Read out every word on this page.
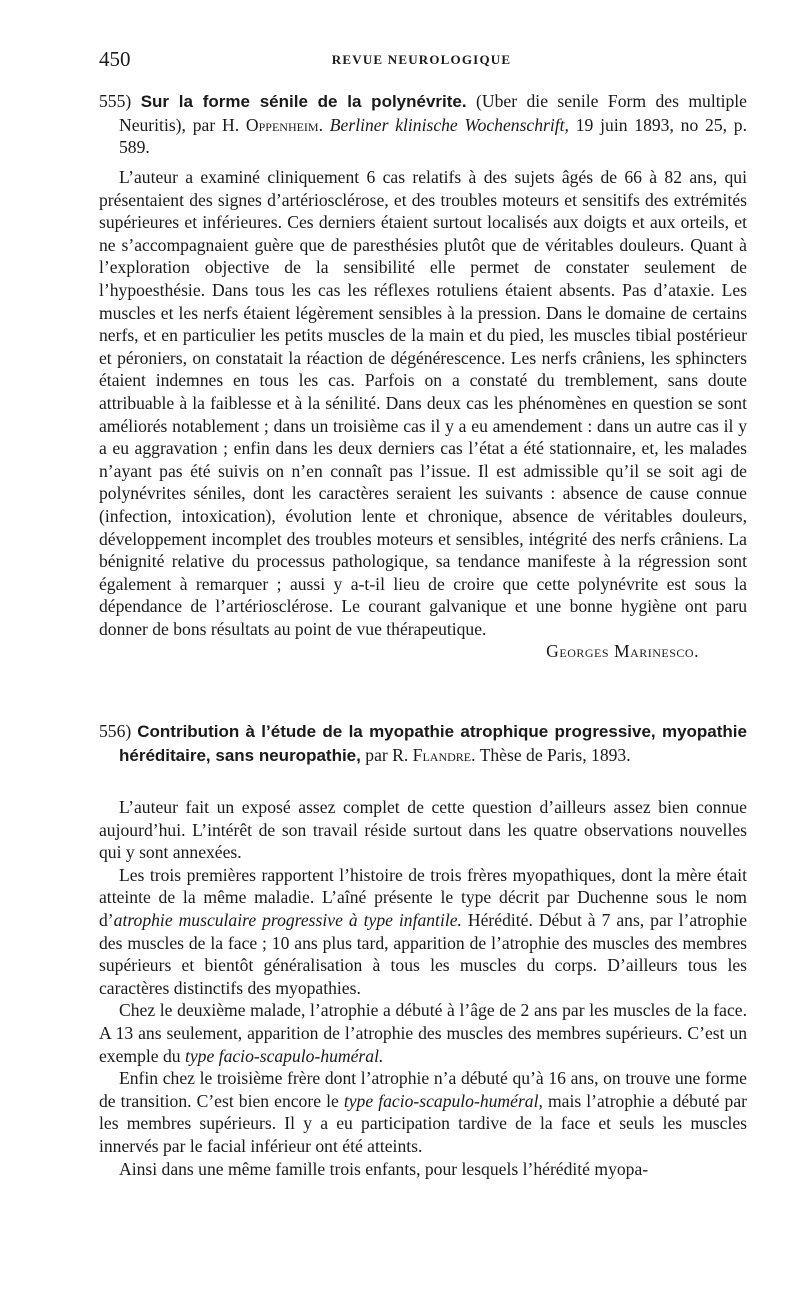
450	REVUE NEUROLOGIQUE

555) Sur la forme sénile de la polynévrite. (Uber die senile Form des multiple Neuritis), par H. Oppenheim. Berliner klinische Wochenschrift, 19 juin 1893, no 25, p. 589.

L’auteur a examiné cliniquement 6 cas relatifs à des sujets âgés de 66 à 82 ans, qui présentaient des signes d’artériosclérose, et des troubles moteurs et sensitifs des extrémités supérieures et inférieures. Ces derniers étaient surtout localisés aux doigts et aux orteils, et ne s’accompagnaient guère que de paresthésies plutôt que de véritables douleurs. Quant à l’exploration objective de la sensibilité elle permet de constater seulement de l’hypoesthésie. Dans tous les cas les réflexes rotuliens étaient absents. Pas d’ataxie. Les muscles et les nerfs étaient légèrement sensibles à la pression. Dans le domaine de certains nerfs, et en particulier les petits muscles de la main et du pied, les muscles tibial postérieur et péroniers, on constatait la réaction de dégénérescence. Les nerfs crâniens, les sphincters étaient indemnes en tous les cas. Parfois on a constaté du tremblement, sans doute attribuable à la faiblesse et à la sénilité. Dans deux cas les phénomènes en question se sont améliorés notablement ; dans un troisième cas il y a eu amendement : dans un autre cas il y a eu aggravation ; enfin dans les deux derniers cas l’état a été stationnaire, et, les malades n’ayant pas été suivis on n’en connaît pas l’issue. Il est admissible qu’il se soit agi de polynévrites séniles, dont les caractères seraient les suivants : absence de cause connue (infection, intoxication), évolution lente et chronique, absence de véritables douleurs, développement incomplet des troubles moteurs et sensibles, intégrité des nerfs crâniens. La bénignité relative du processus pathologique, sa tendance manifeste à la régression sont également à remarquer ; aussi y a-t-il lieu de croire que cette polynévrite est sous la dépendance de l’artériosclérose. Le courant galvanique et une bonne hygiène ont paru donner de bons résultats au point de vue thérapeutique.

Georges Marinesco.

556) Contribution à l’étude de la myopathie atrophique progressive, myopathie héréditaire, sans neuropathie, par R. Flandre. Thèse de Paris, 1893.

L’auteur fait un exposé assez complet de cette question d’ailleurs assez bien connue aujourd’hui. L’intérêt de son travail réside surtout dans les quatre observations nouvelles qui y sont annexées.

Les trois premières rapportent l’histoire de trois frères myopathiques, dont la mère était atteinte de la même maladie. L’aîné présente le type décrit par Duchenne sous le nom d’atrophie musculaire progressive à type infantile. Hérédité. Début à 7 ans, par l’atrophie des muscles de la face ; 10 ans plus tard, apparition de l’atrophie des muscles des membres supérieurs et bientôt généralisation à tous les muscles du corps. D’ailleurs tous les caractères distinctifs des myopathies.

Chez le deuxième malade, l’atrophie a débuté à l’âge de 2 ans par les muscles de la face. A 13 ans seulement, apparition de l’atrophie des muscles des membres supérieurs. C’est un exemple du type facio-scapulo-huméral.

Enfin chez le troisième frère dont l’atrophie n’a débuté qu’à 16 ans, on trouve une forme de transition. C’est bien encore le type facio-scapulo-huméral, mais l’atrophie a débuté par les membres supérieurs. Il y a eu participation tardive de la face et seuls les muscles innervés par le facial inférieur ont été atteints.

Ainsi dans une même famille trois enfants, pour lesquels l’hérédité myopa-
